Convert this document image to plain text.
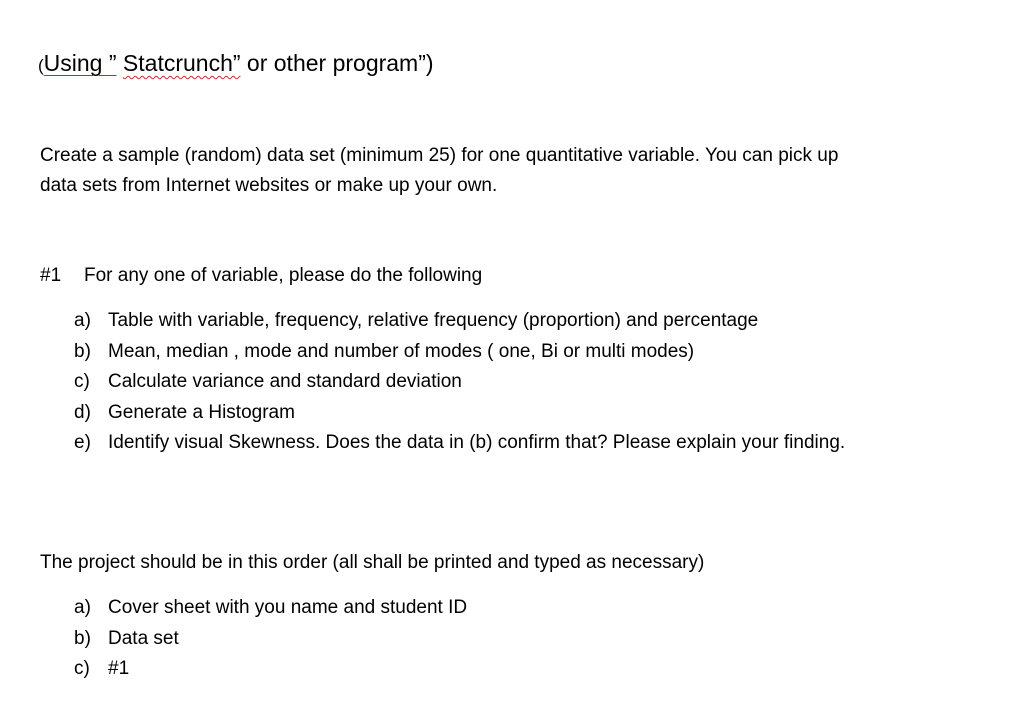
(Using ” Statcrunch” or other program”)
Create a sample (random) data set (minimum 25) for one quantitative variable. You can pick up
data sets from Internet websites or make up your own.
#1 For any one of variable, please do the following
a) Table with variable, frequency, relative frequency (proportion) and percentage
b) Mean, median , mode and number of modes ( one, Bi or multi modes)
c) Calculate variance and standard deviation
d) Generate a Histogram
e) Identify visual Skewness. Does the data in (b) confirm that? Please explain your finding.
The project should be in this order (all shall be printed and typed as necessary)
a) Cover sheet with you name and student ID
b) Data set
c) #1
